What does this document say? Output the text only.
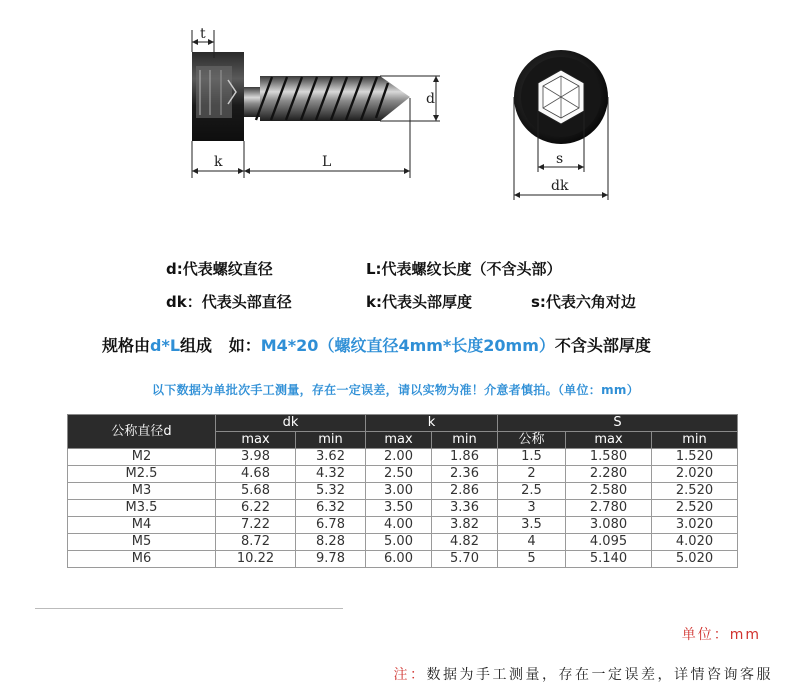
t
d
k	L	s
dk
d:代表螺纹直径	L:代表螺纹长度（不含头部）
dk：代表头部直径	k:代表头部厚度	s:代表六角对边
规格由d*L组成   如：M4*20（螺纹直径4mm*长度20mm）不含头部厚度
以下数据为单批次手工测量，存在一定误差，请以实物为准！介意者慎拍。（单位：mm）
公称直径d	dk		k		S		
	max	min	max	min	公称	max	min
M2	3.98	3.62	2.00	1.86	1.5	1.580	1.520
M2.5	4.68	4.32	2.50	2.36	2	2.280	2.020
M3	5.68	5.32	3.00	2.86	2.5	2.580	2.520
M3.5	6.22	6.32	3.50	3.36	3	2.780	2.520
M4	7.22	6.78	4.00	3.82	3.5	3.080	3.020
M5	8.72	8.28	5.00	4.82	4	4.095	4.020
M6	10.22	9.78	6.00	5.70	5	5.140	5.020
单位：mm
注：数据为手工测量，存在一定误差，详情咨询客服
